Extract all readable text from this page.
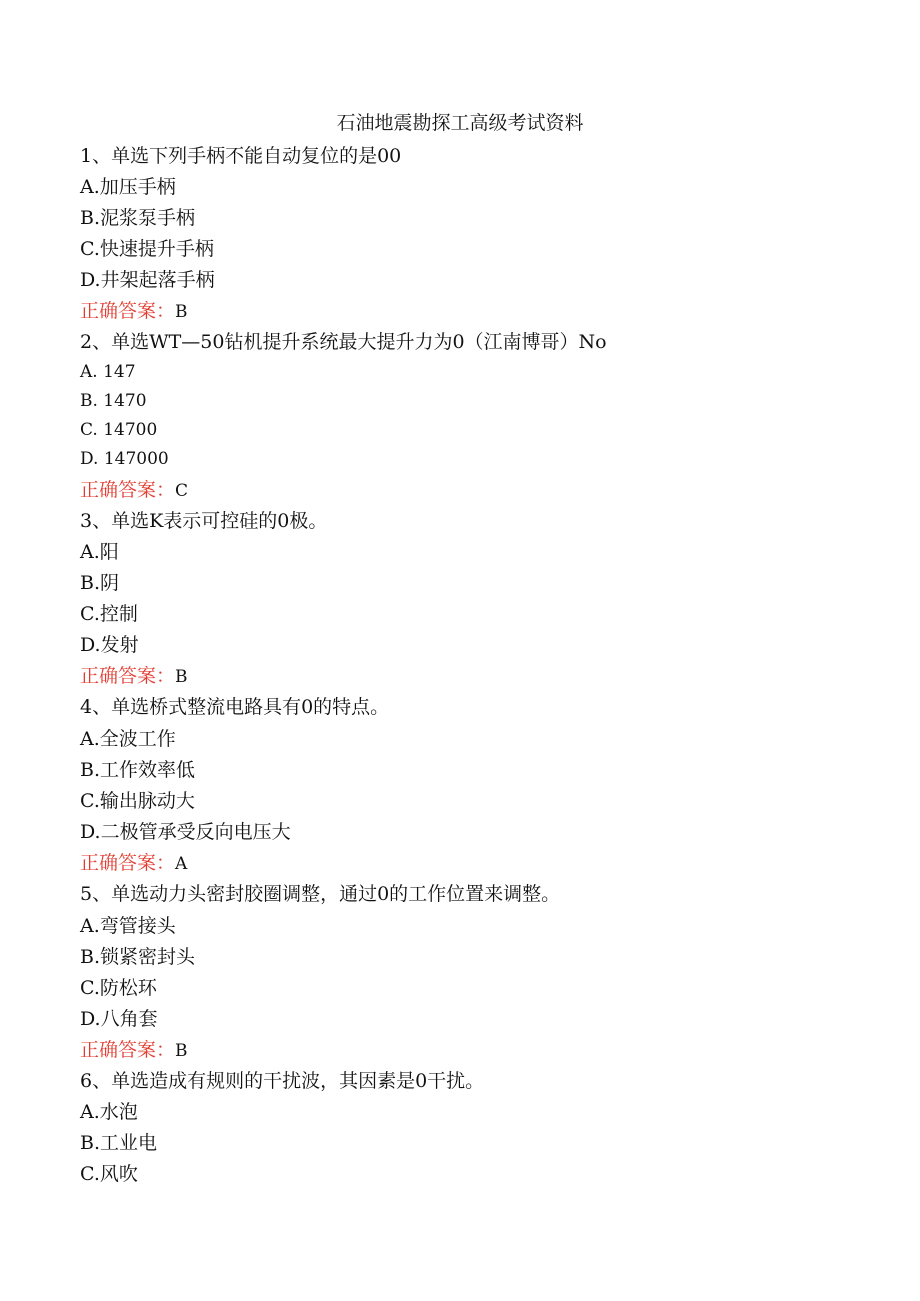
石油地震勘探工高级考试资料
1、单选下列手柄不能自动复位的是00
A.加压手柄
B.泥浆泵手柄
C.快速提升手柄
D.井架起落手柄
正确答案：B
2、单选WT—50钻机提升系统最大提升力为0（江南博哥）No
A. 147
B. 1470
C. 14700
D. 147000
正确答案：C
3、单选K表示可控硅的0极。
A.阳
B.阴
C.控制
D.发射
正确答案：B
4、单选桥式整流电路具有0的特点。
A.全波工作
B.工作效率低
C.输出脉动大
D.二极管承受反向电压大
正确答案：A
5、单选动力头密封胶圈调整，通过0的工作位置来调整。
A.弯管接头
B.锁紧密封头
C.防松环
D.八角套
正确答案：B
6、单选造成有规则的干扰波，其因素是0干扰。
A.水泡
B.工业电
C.风吹
